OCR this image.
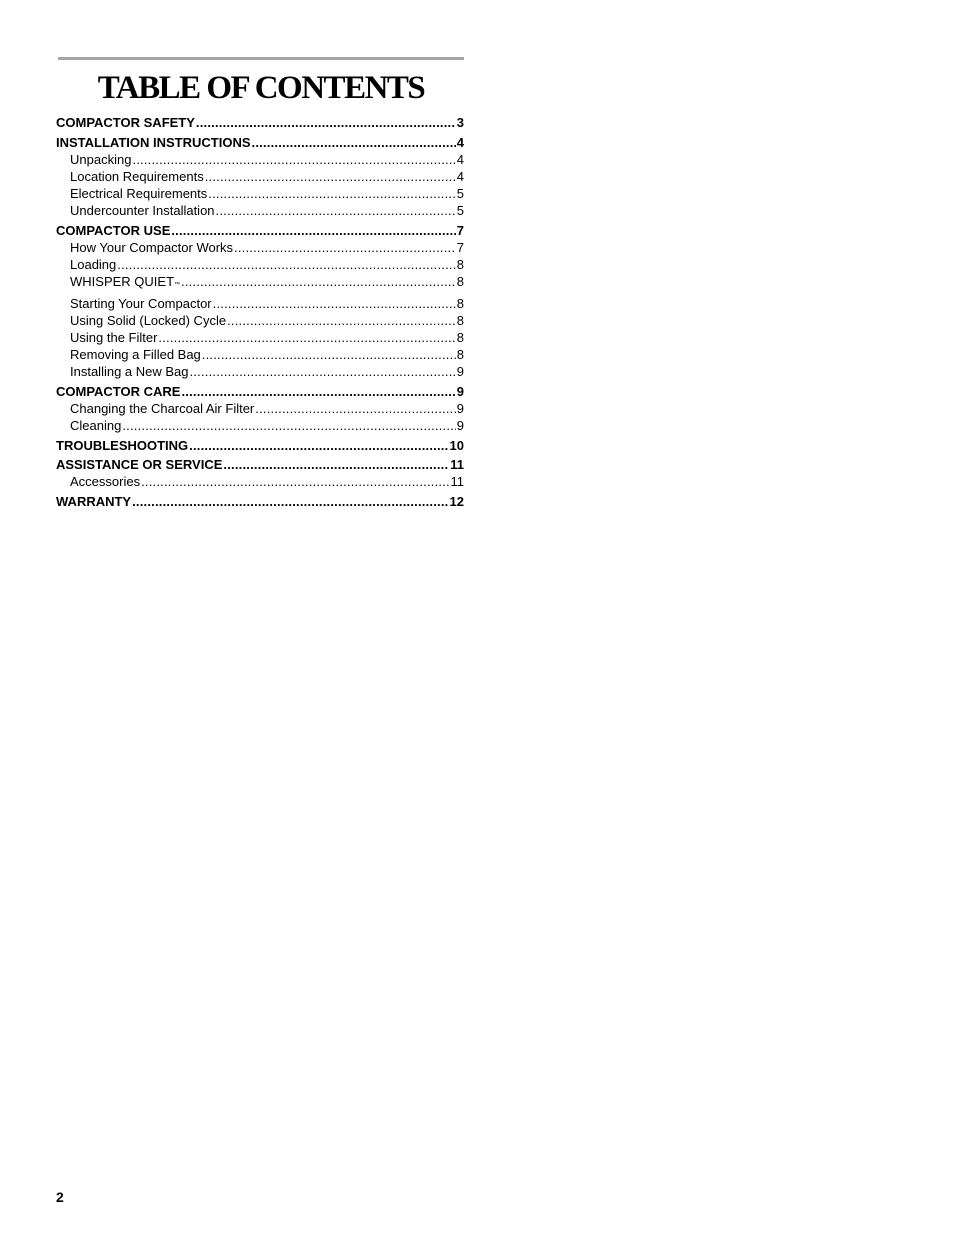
TABLE OF CONTENTS
COMPACTOR SAFETY .....	3
INSTALLATION INSTRUCTIONS .....	4
Unpacking .....	4
Location Requirements .....	4
Electrical Requirements .....	5
Undercounter Installation .....	5
COMPACTOR USE .....	7
How Your Compactor Works .....	7
Loading .....	8
WHISPER QUIET ™ .....	8
Starting Your Compactor .....	8
Using Solid (Locked) Cycle .....	8
Using the Filter .....	8
Removing a Filled Bag .....	8
Installing a New Bag .....	9
COMPACTOR CARE .....	9
Changing the Charcoal Air Filter .....	9
Cleaning .....	9
TROUBLESHOOTING .....	10
ASSISTANCE OR SERVICE .....	11
Accessories .....	11
WARRANTY .....	12
2
